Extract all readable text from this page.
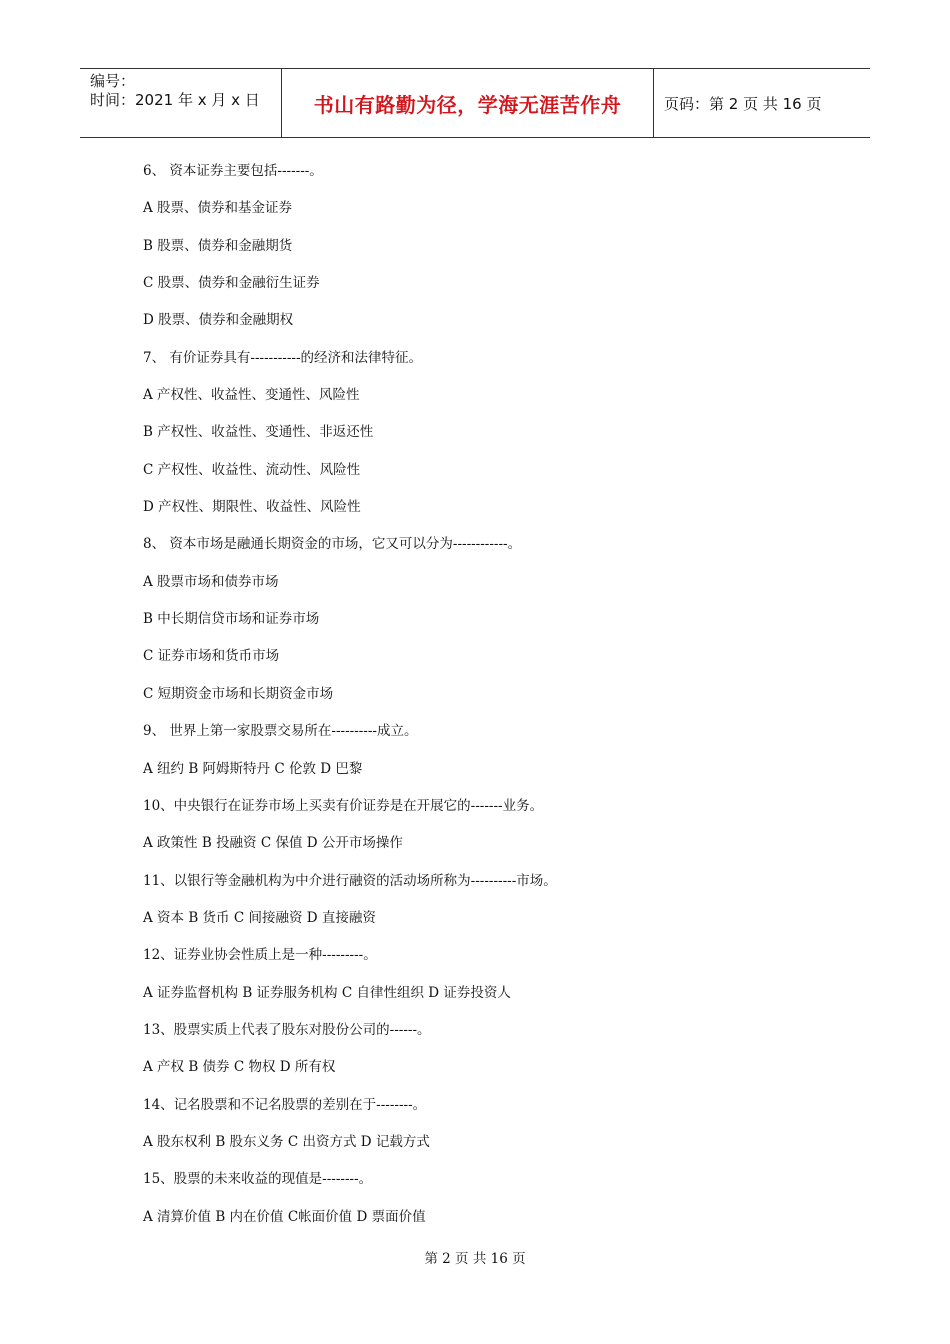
编号：
时间：2021 年 x 月 x 日	书山有路勤为径，学海无涯苦作舟	页码：第 2 页 共 16 页
6、 资本证券主要包括-------。
A 股票、债券和基金证券
B 股票、债券和金融期货
C 股票、债券和金融衍生证券
D 股票、债券和金融期权
7、 有价证券具有-----------的经济和法律特征。
A 产权性、收益性、变通性、风险性
B 产权性、收益性、变通性、非返还性
C 产权性、收益性、流动性、风险性
D 产权性、期限性、收益性、风险性
8、 资本市场是融通长期资金的市场，它又可以分为------------。
A 股票市场和债券市场
B 中长期信贷市场和证券市场
C 证券市场和货币市场
C 短期资金市场和长期资金市场
9、 世界上第一家股票交易所在----------成立。
A 纽约 B 阿姆斯特丹 C 伦敦 D 巴黎
10、中央银行在证券市场上买卖有价证券是在开展它的-------业务。
A 政策性 B 投融资 C 保值 D 公开市场操作
11、以银行等金融机构为中介进行融资的活动场所称为----------市场。
A 资本 B 货币 C 间接融资 D 直接融资
12、证券业协会性质上是一种---------。
A 证券监督机构 B 证券服务机构 C 自律性组织 D 证券投资人
13、股票实质上代表了股东对股份公司的------。
A 产权 B 债券 C 物权 D 所有权
14、记名股票和不记名股票的差别在于--------。
A 股东权利 B 股东义务 C 出资方式 D 记载方式
15、股票的未来收益的现值是--------。
A 清算价值 B 内在价值 C帐面价值 D 票面价值
第 2 页 共 16 页
